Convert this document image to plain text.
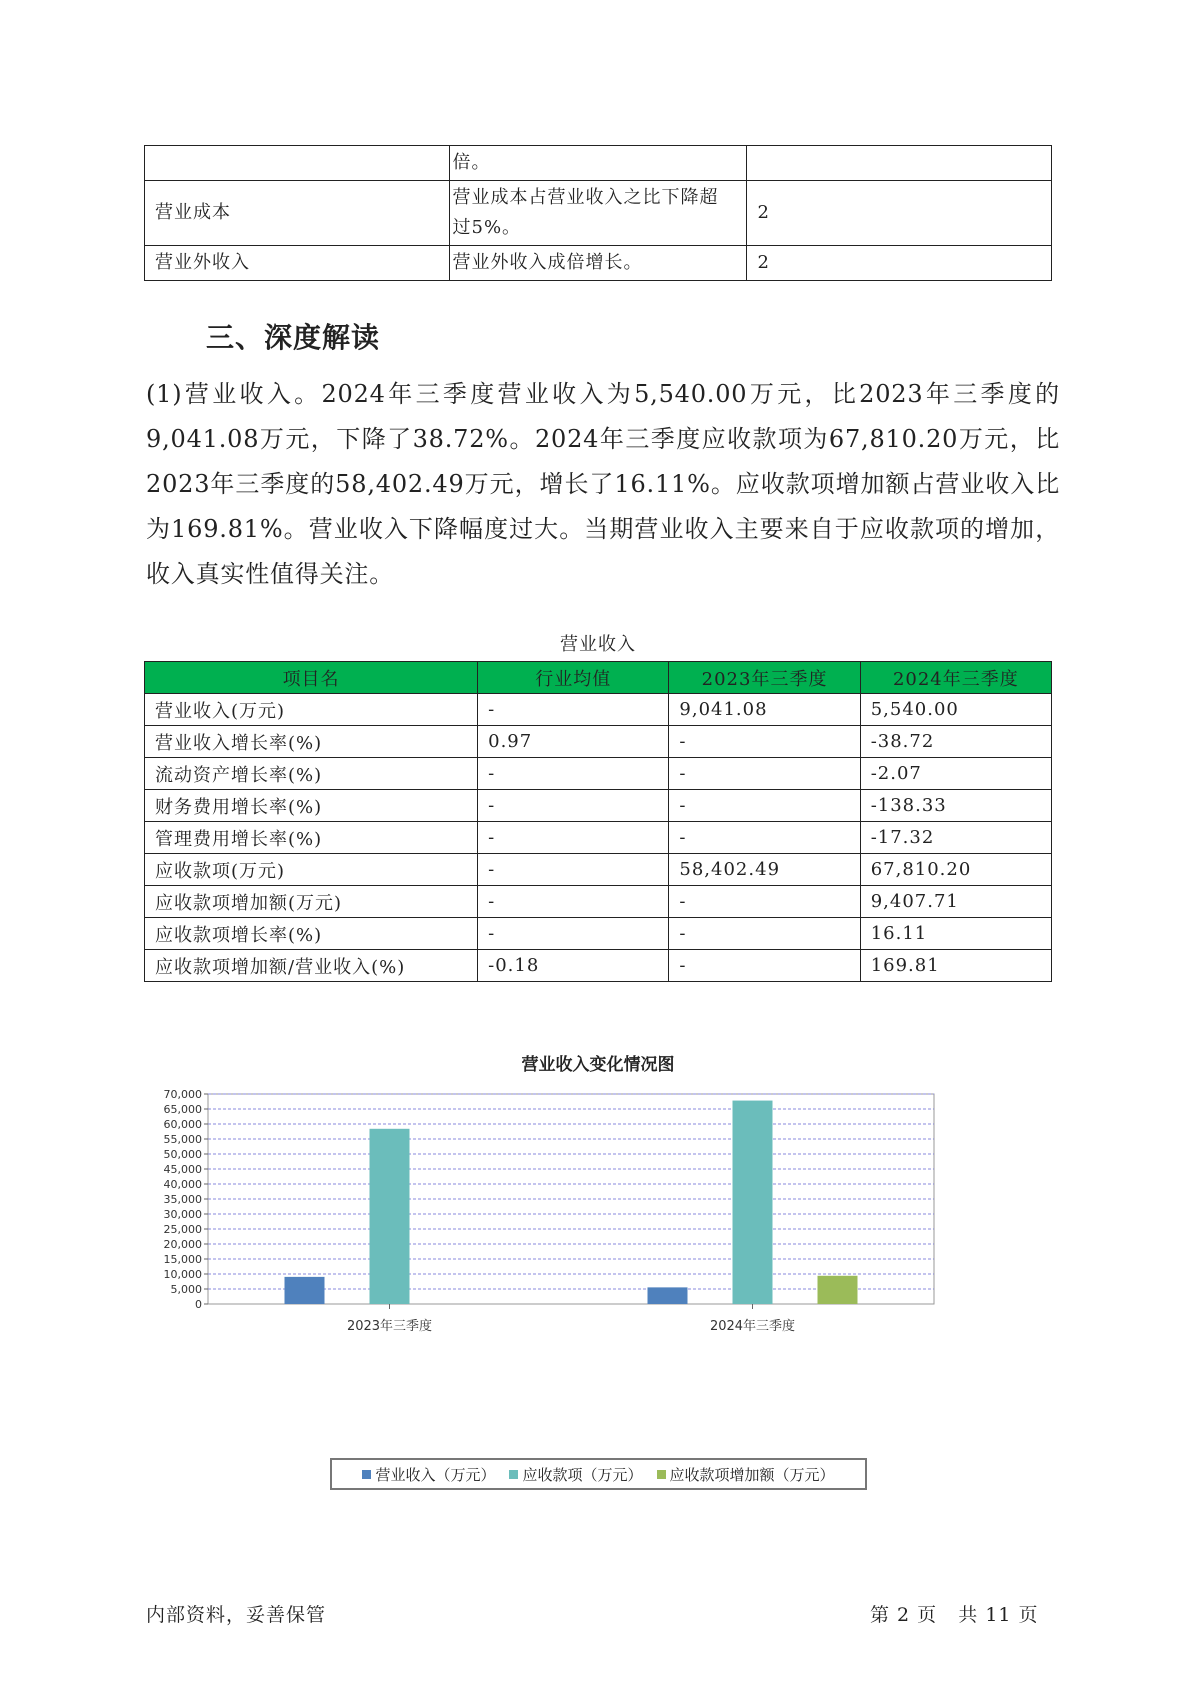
	倍。	
营业成本	营业成本占营业收入之比下降超过5%。	2
营业外收入	营业外收入成倍增长。	2
三、深度解读
(1)营业收入。2024年三季度营业收入为5,540.00万元，比2023年三季度的9,041.08万元，下降了38.72%。2024年三季度应收款项为67,810.20万元，比2023年三季度的58,402.49万元，增长了16.11%。应收款项增加额占营业收入比为169.81%。营业收入下降幅度过大。当期营业收入主要来自于应收款项的增加，收入真实性值得关注。
营业收入
项目名	行业均值	2023年三季度	2024年三季度
营业收入(万元)	-	9,041.08	5,540.00
营业收入增长率(%)	0.97	-	-38.72
流动资产增长率(%)	-	-	-2.07
财务费用增长率(%)	-	-	-138.33
管理费用增长率(%)	-	-	-17.32
应收款项(万元)	-	58,402.49	67,810.20
应收款项增加额(万元)	-	-	9,407.71
应收款项增长率(%)	-	-	16.11
应收款项增加额/营业收入(%)	-0.18	-	169.81
营业收入变化情况图
0
5,000
10,000
15,000
20,000
25,000
30,000
35,000
40,000
45,000
50,000
55,000
60,000
65,000
70,000
2023年三季度	2024年三季度
营业收入（万元） 应收款项（万元） 应收款项增加额（万元）
内部资料，妥善保管	第 2 页   共 11 页
